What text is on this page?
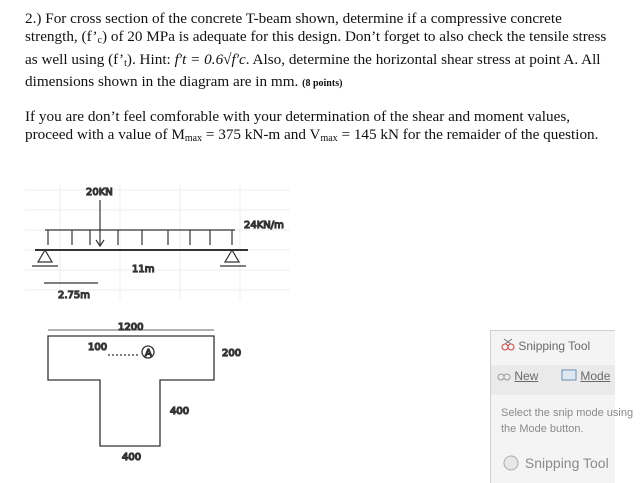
2.) For cross section of the concrete T-beam shown, determine if a compressive concrete strength, $(f’_c)$ of 20 MPa is adequate for this design. Don’t forget to also check the tensile stress as well using $(f’_t)$. Hint: f′t = 0.6√f′c. Also, determine the horizontal shear stress at point A. All dimensions shown in the diagram are in mm. (8 points)

If you are don’t feel comforable with your determination of the shear and moment values, proceed with a value of $M_{max} = 375$ kN-m and $V_{max} = 145$ kN for the remaider of the question.

20KN
24KN/m
11m
2.75m
1200
100
A	200
400
400
Snipping Tool
New	Mode
Select the snip mode using the Mode button.
Snipping Tool
